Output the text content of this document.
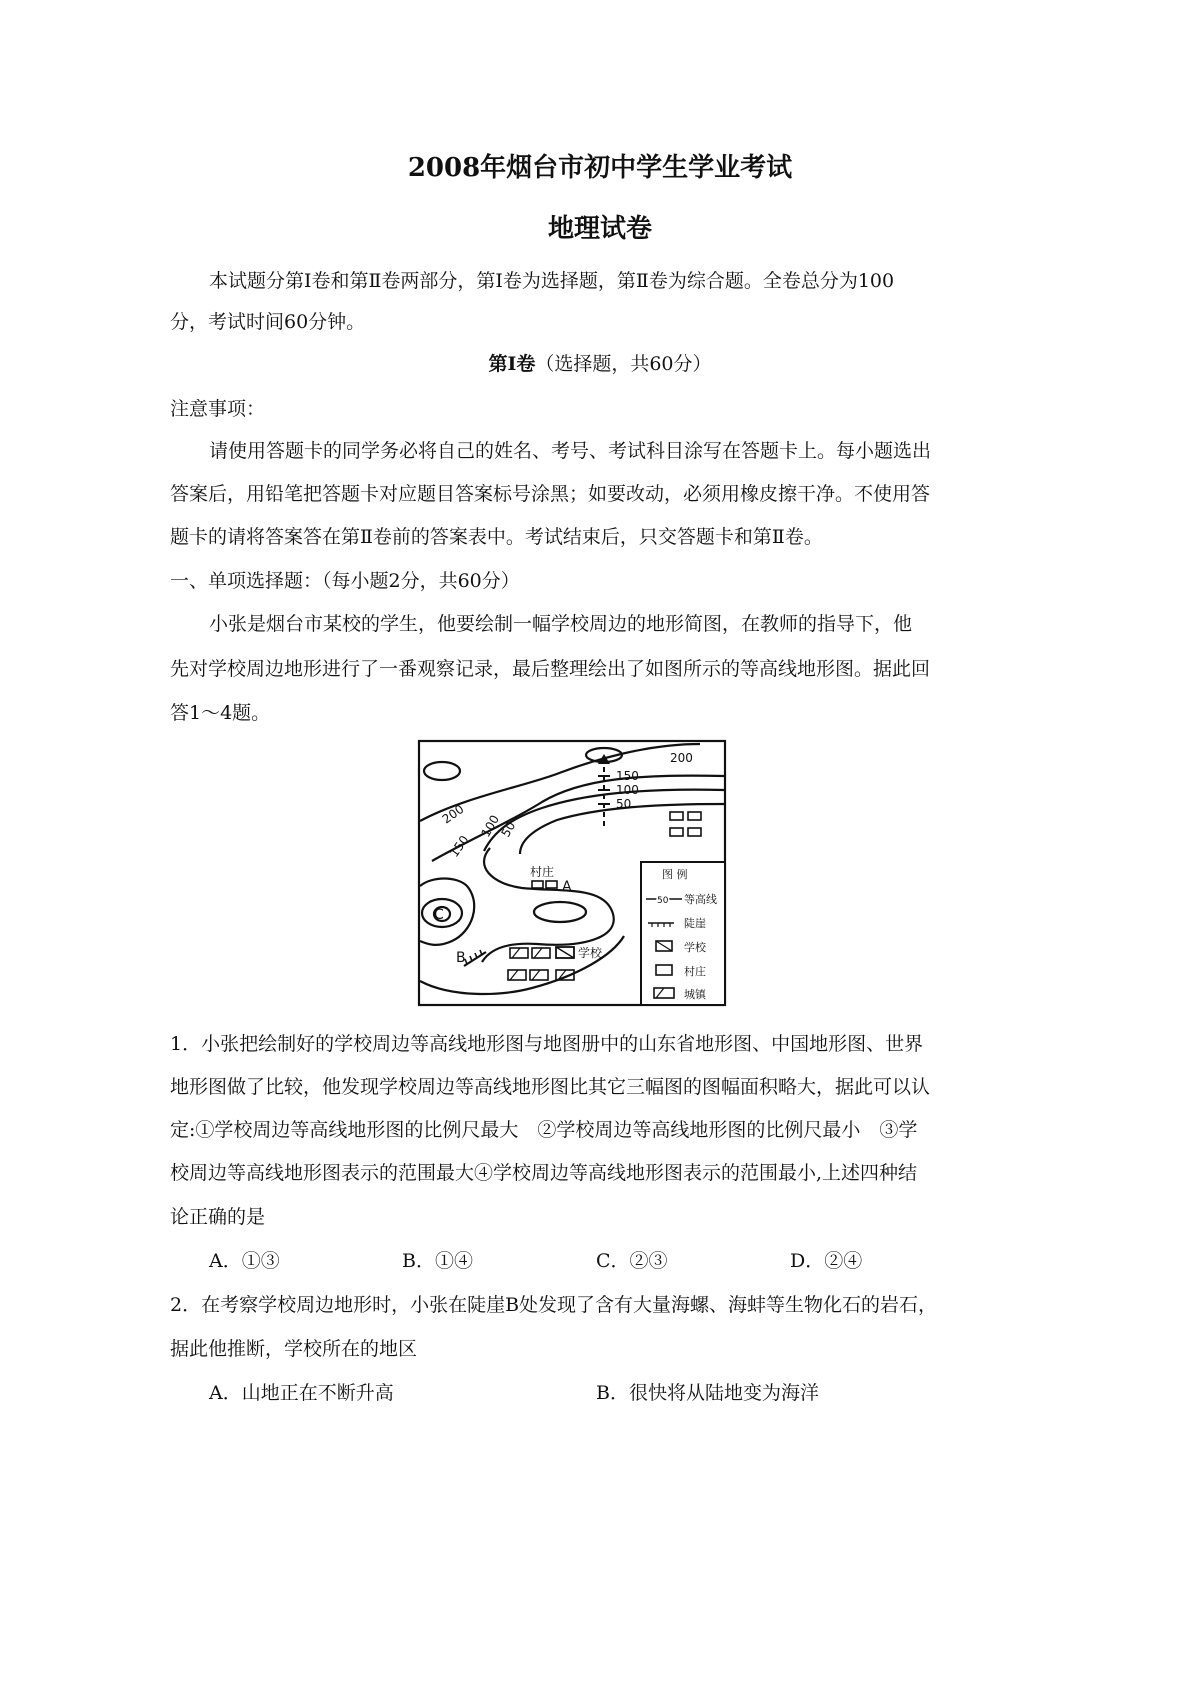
2008年烟台市初中学生学业考试
地理试卷
本试题分第Ⅰ卷和第Ⅱ卷两部分，第Ⅰ卷为选择题，第Ⅱ卷为综合题。全卷总分为100
分，考试时间60分钟。
第Ⅰ卷（选择题，共60分）
注意事项：
请使用答题卡的同学务必将自己的姓名、考号、考试科目涂写在答题卡上。每小题选出
答案后，用铅笔把答题卡对应题目答案标号涂黑；如要改动，必须用橡皮擦干净。不使用答
题卡的请将答案答在第Ⅱ卷前的答案表中。考试结束后，只交答题卡和第Ⅱ卷。
一、单项选择题：（每小题2分，共60分）
小张是烟台市某校的学生，他要绘制一幅学校周边的地形简图，在教师的指导下，他
先对学校周边地形进行了一番观察记录，最后整理绘出了如图所示的等高线地形图。据此回
答1～4题。
200
150
100
50
200
150
100
50
村庄
A
C
B	学校
图 例
50 等高线
陡崖
学校
村庄
城镇
1．小张把绘制好的学校周边等高线地形图与地图册中的山东省地形图、中国地形图、世界
地形图做了比较，他发现学校周边等高线地形图比其它三幅图的图幅面积略大，据此可以认
定:①学校周边等高线地形图的比例尺最大　②学校周边等高线地形图的比例尺最小　③学
校周边等高线地形图表示的范围最大④学校周边等高线地形图表示的范围最小,上述四种结
论正确的是
A．①③	B．①④	C．②③	D．②④
2．在考察学校周边地形时，小张在陡崖B处发现了含有大量海螺、海蚌等生物化石的岩石，
据此他推断，学校所在的地区
A．山地正在不断升高	B．很快将从陆地变为海洋
